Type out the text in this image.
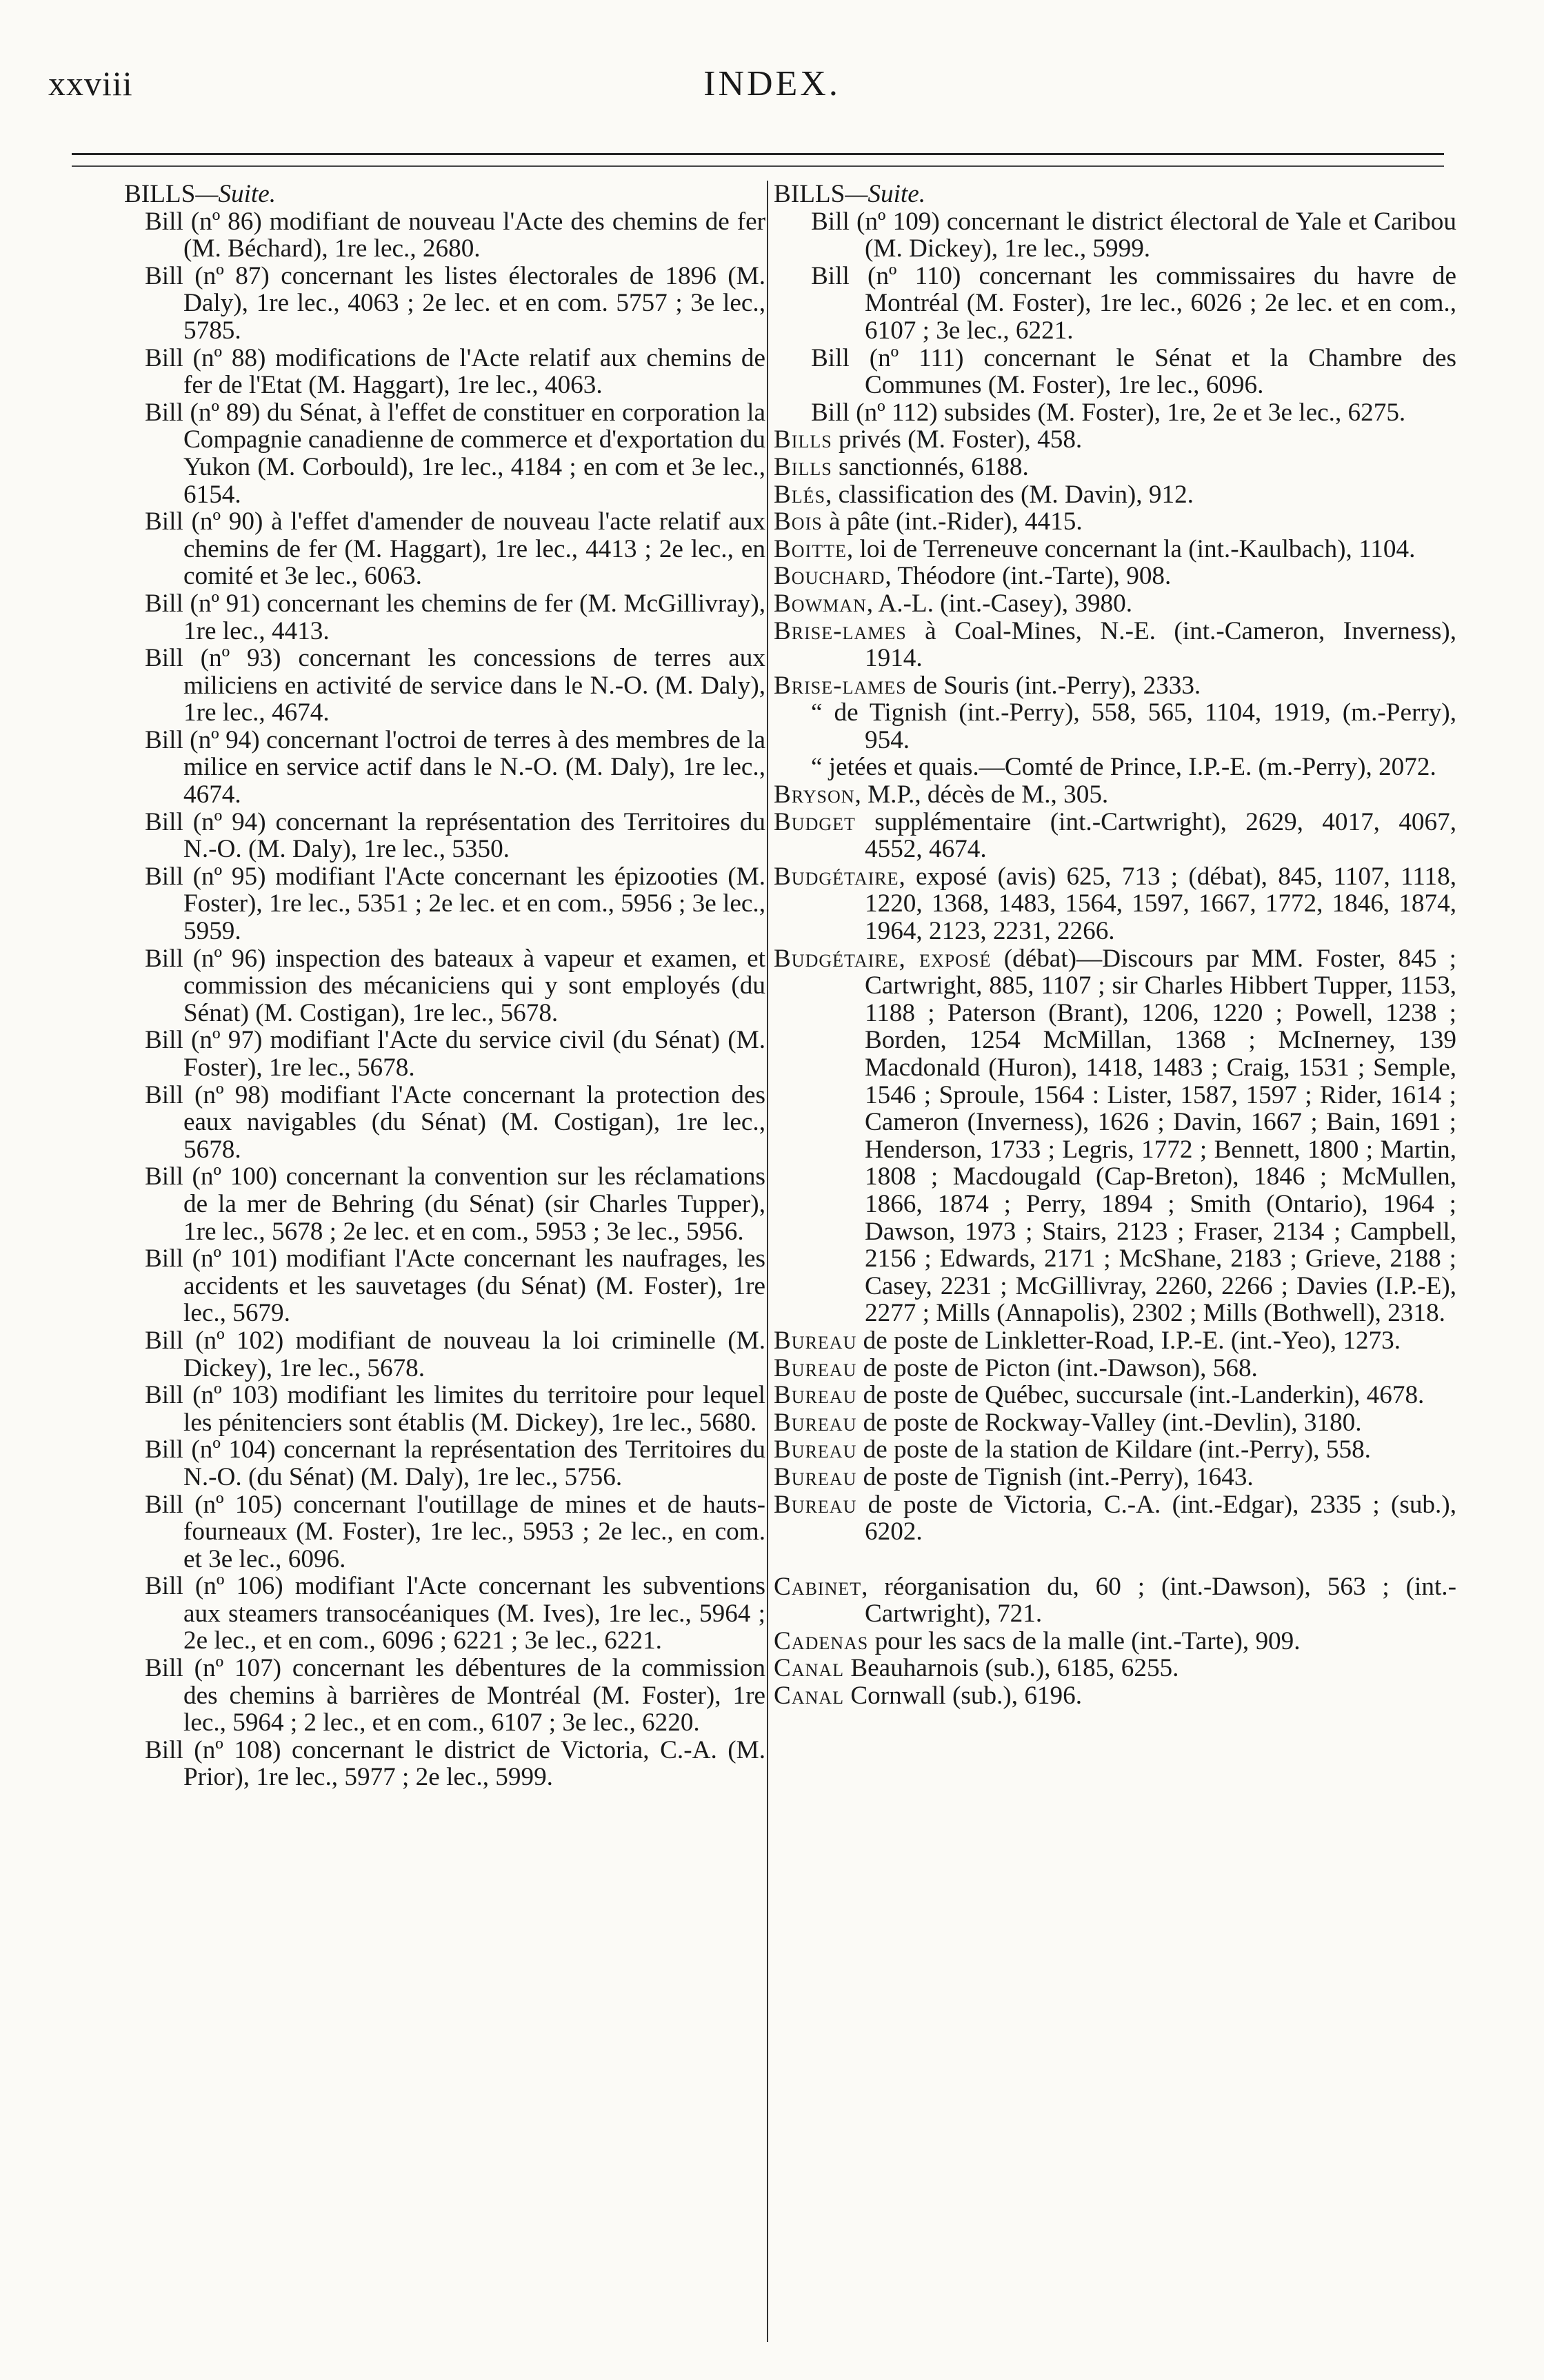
xxviii	INDEX.
BILLS—Suite.

Bill (nº 86) modifiant de nouveau l'Acte des chemins de fer (M. Béchard), 1re lec., 2680.

Bill (nº 87) concernant les listes électorales de 1896 (M. Daly), 1re lec., 4063 ; 2e lec. et en com. 5757 ; 3e lec., 5785.

Bill (nº 88) modifications de l'Acte relatif aux chemins de fer de l'Etat (M. Haggart), 1re lec., 4063.

Bill (nº 89) du Sénat, à l'effet de constituer en corporation la Compagnie canadienne de commerce et d'exportation du Yukon (M. Corbould), 1re lec., 4184 ; en com et 3e lec., 6154.

Bill (nº 90) à l'effet d'amender de nouveau l'acte relatif aux chemins de fer (M. Haggart), 1re lec., 4413 ; 2e lec., en comité et 3e lec., 6063.

Bill (nº 91) concernant les chemins de fer (M. McGillivray), 1re lec., 4413.

Bill (nº 93) concernant les concessions de terres aux miliciens en activité de service dans le N.-O. (M. Daly), 1re lec., 4674.

Bill (nº 94) concernant l'octroi de terres à des membres de la milice en service actif dans le N.-O. (M. Daly), 1re lec., 4674.

Bill (nº 94) concernant la représentation des Territoires du N.-O. (M. Daly), 1re lec., 5350.

Bill (nº 95) modifiant l'Acte concernant les épizooties (M. Foster), 1re lec., 5351 ; 2e lec. et en com., 5956 ; 3e lec., 5959.

Bill (nº 96) inspection des bateaux à vapeur et examen, et commission des mécaniciens qui y sont employés (du Sénat) (M. Costigan), 1re lec., 5678.

Bill (nº 97) modifiant l'Acte du service civil (du Sénat) (M. Foster), 1re lec., 5678.

Bill (nº 98) modifiant l'Acte concernant la protection des eaux navigables (du Sénat) (M. Costigan), 1re lec., 5678.

Bill (nº 100) concernant la convention sur les réclamations de la mer de Behring (du Sénat) (sir Charles Tupper), 1re lec., 5678 ; 2e lec. et en com., 5953 ; 3e lec., 5956.

Bill (nº 101) modifiant l'Acte concernant les naufrages, les accidents et les sauvetages (du Sénat) (M. Foster), 1re lec., 5679.

Bill (nº 102) modifiant de nouveau la loi criminelle (M. Dickey), 1re lec., 5678.

Bill (nº 103) modifiant les limites du territoire pour lequel les pénitenciers sont établis (M. Dickey), 1re lec., 5680.

Bill (nº 104) concernant la représentation des Territoires du N.-O. (du Sénat) (M. Daly), 1re lec., 5756.

Bill (nº 105) concernant l'outillage de mines et de hauts-fourneaux (M. Foster), 1re lec., 5953 ; 2e lec., en com. et 3e lec., 6096.

Bill (nº 106) modifiant l'Acte concernant les subventions aux steamers transocéaniques (M. Ives), 1re lec., 5964 ; 2e lec., et en com., 6096 ; 6221 ; 3e lec., 6221.

Bill (nº 107) concernant les débentures de la commission des chemins à barrières de Montréal (M. Foster), 1re lec., 5964 ; 2 lec., et en com., 6107 ; 3e lec., 6220.

Bill (nº 108) concernant le district de Victoria, C.-A. (M. Prior), 1re lec., 5977 ; 2e lec., 5999.

BILLS—Suite.

Bill (nº 109) concernant le district électoral de Yale et Caribou (M. Dickey), 1re lec., 5999.

Bill (nº 110) concernant les commissaires du havre de Montréal (M. Foster), 1re lec., 6026 ; 2e lec. et en com., 6107 ; 3e lec., 6221.

Bill (nº 111) concernant le Sénat et la Chambre des Communes (M. Foster), 1re lec., 6096.

Bill (nº 112) subsides (M. Foster), 1re, 2e et 3e lec., 6275.

Bills privés (M. Foster), 458.

Bills sanctionnés, 6188.

Blés, classification des (M. Davin), 912.

Bois à pâte (int.-Rider), 4415.

Boitte, loi de Terreneuve concernant la (int.-Kaulbach), 1104.

Bouchard, Théodore (int.-Tarte), 908.

Bowman, A.-L. (int.-Casey), 3980.

Brise-lames à Coal-Mines, N.-E. (int.-Cameron, Inverness), 1914.

Brise-lames de Souris (int.-Perry), 2333.

“ de Tignish (int.-Perry), 558, 565, 1104, 1919, (m.-Perry), 954.

“ jetées et quais.—Comté de Prince, I.P.-E. (m.-Perry), 2072.

Bryson, M.P., décès de M., 305.

Budget supplémentaire (int.-Cartwright), 2629, 4017, 4067, 4552, 4674.

Budgétaire, exposé (avis) 625, 713 ; (débat), 845, 1107, 1118, 1220, 1368, 1483, 1564, 1597, 1667, 1772, 1846, 1874, 1964, 2123, 2231, 2266.

Budgétaire, exposé (débat)—Discours par MM. Foster, 845 ; Cartwright, 885, 1107 ; sir Charles Hibbert Tupper, 1153, 1188 ; Paterson (Brant), 1206, 1220 ; Powell, 1238 ; Borden, 1254 McMillan, 1368 ; McInerney, 139 Macdonald (Huron), 1418, 1483 ; Craig, 1531 ; Semple, 1546 ; Sproule, 1564 : Lister, 1587, 1597 ; Rider, 1614 ; Cameron (Inverness), 1626 ; Davin, 1667 ; Bain, 1691 ; Henderson, 1733 ; Legris, 1772 ; Bennett, 1800 ; Martin, 1808 ; Macdougald (Cap-Breton), 1846 ; McMullen, 1866, 1874 ; Perry, 1894 ; Smith (Ontario), 1964 ; Dawson, 1973 ; Stairs, 2123 ; Fraser, 2134 ; Campbell, 2156 ; Edwards, 2171 ; McShane, 2183 ; Grieve, 2188 ; Casey, 2231 ; McGillivray, 2260, 2266 ; Davies (I.P.-E), 2277 ; Mills (Annapolis), 2302 ; Mills (Bothwell), 2318.

Bureau de poste de Linkletter-Road, I.P.-E. (int.-Yeo), 1273.

Bureau de poste de Picton (int.-Dawson), 568.

Bureau de poste de Québec, succursale (int.-Landerkin), 4678.

Bureau de poste de Rockway-Valley (int.-Devlin), 3180.

Bureau de poste de la station de Kildare (int.-Perry), 558.

Bureau de poste de Tignish (int.-Perry), 1643.

Bureau de poste de Victoria, C.-A. (int.-Edgar), 2335 ; (sub.), 6202.

Cabinet, réorganisation du, 60 ; (int.-Dawson), 563 ; (int.-Cartwright), 721.

Cadenas pour les sacs de la malle (int.-Tarte), 909.

Canal Beauharnois (sub.), 6185, 6255.

Canal Cornwall (sub.), 6196.
